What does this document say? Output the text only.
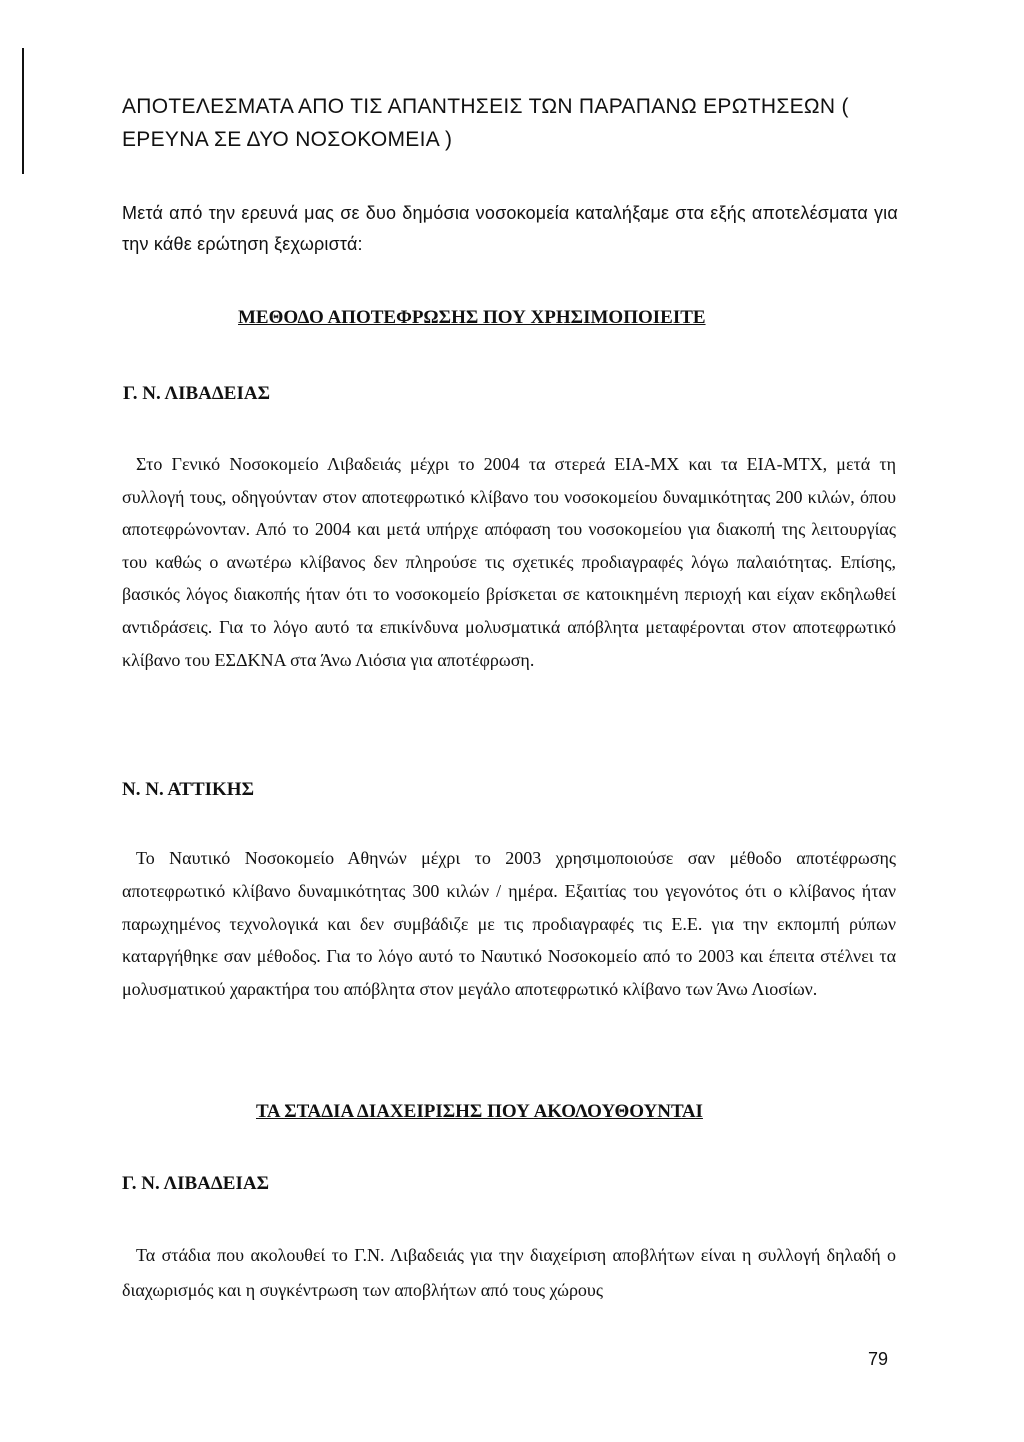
ΑΠΟΤΕΛΕΣΜΑΤΑ ΑΠΟ ΤΙΣ ΑΠΑΝΤΗΣΕΙΣ ΤΩΝ ΠΑΡΑΠΑΝΩ ΕΡΩΤΗΣΕΩΝ ( ΕΡΕΥΝΑ ΣΕ ΔΥΟ ΝΟΣΟΚΟΜΕΙΑ )
Μετά από την ερευνά μας σε δυο δημόσια νοσοκομεία καταλήξαμε στα εξής αποτελέσματα για την κάθε ερώτηση ξεχωριστά:
ΜΕΘΟΔΟ ΑΠΟΤΕΦΡΩΣΗΣ ΠΟΥ ΧΡΗΣΙΜΟΠΟΙΕΙΤΕ
Γ. Ν. ΛΙΒΑΔΕΙΑΣ
Στο Γενικό Νοσοκομείο Λιβαδειάς μέχρι το 2004 τα στερεά ΕΙΑ-ΜΧ και τα ΕΙΑ-ΜΤΧ, μετά τη συλλογή τους, οδηγούνταν στον αποτεφρωτικό κλίβανο του νοσοκομείου δυναμικότητας 200 κιλών, όπου αποτεφρώνονταν. Από το 2004 και μετά υπήρχε απόφαση του νοσοκομείου για διακοπή της λειτουργίας του καθώς ο ανωτέρω κλίβανος δεν πληρούσε τις σχετικές προδιαγραφές λόγω παλαιότητας. Επίσης, βασικός λόγος διακοπής ήταν ότι το νοσοκομείο βρίσκεται σε κατοικημένη περιοχή και είχαν εκδηλωθεί αντιδράσεις. Για το λόγο αυτό τα επικίνδυνα μολυσματικά απόβλητα μεταφέρονται στον αποτεφρωτικό κλίβανο του ΕΣΔΚΝΑ στα Άνω Λιόσια για αποτέφρωση.
Ν. Ν. ΑΤΤΙΚΗΣ
Το Ναυτικό Νοσοκομείο Αθηνών μέχρι το 2003 χρησιμοποιούσε σαν μέθοδο αποτέφρωσης αποτεφρωτικό κλίβανο δυναμικότητας 300 κιλών / ημέρα. Εξαιτίας του γεγονότος ότι ο κλίβανος ήταν παρωχημένος τεχνολογικά και δεν συμβάδιζε με τις προδιαγραφές τις Ε.Ε. για την εκπομπή ρύπων καταργήθηκε σαν μέθοδος. Για το λόγο αυτό το Ναυτικό Νοσοκομείο από το 2003 και έπειτα στέλνει τα μολυσματικού χαρακτήρα του απόβλητα στον μεγάλο αποτεφρωτικό κλίβανο των Άνω Λιοσίων.
ΤΑ ΣΤΑΔΙΑ ΔΙΑΧΕΙΡΙΣΗΣ ΠΟΥ ΑΚΟΛΟΥΘΟΥΝΤΑΙ
Γ. Ν. ΛΙΒΑΔΕΙΑΣ
Τα στάδια που ακολουθεί το Γ.Ν. Λιβαδειάς για την διαχείριση αποβλήτων είναι η συλλογή δηλαδή ο διαχωρισμός και η συγκέντρωση των αποβλήτων από τους χώρους
79
